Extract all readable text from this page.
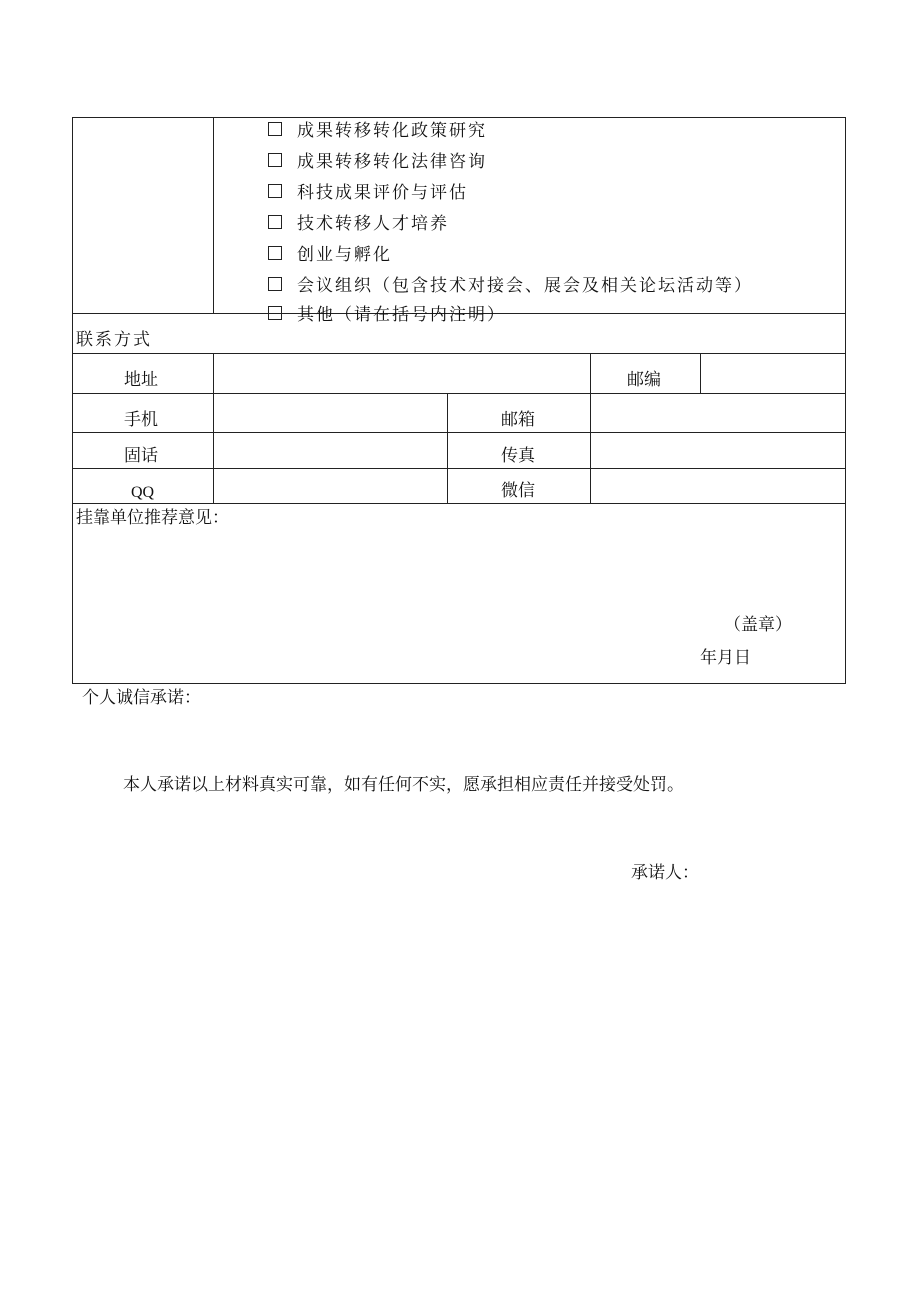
成果转移转化政策研究
成果转移转化法律咨询
科技成果评价与评估
技术转移人才培养
创业与孵化
会议组织（包含技术对接会、展会及相关论坛活动等）
其他（请在括号内注明）
联系方式
地址	邮编
手机	邮箱
固话	传真
QQ	微信
挂靠单位推荐意见：
（盖章）
年月日
个人诚信承诺：
本人承诺以上材料真实可靠，如有任何不实，愿承担相应责任并接受处罚。
承诺人：
